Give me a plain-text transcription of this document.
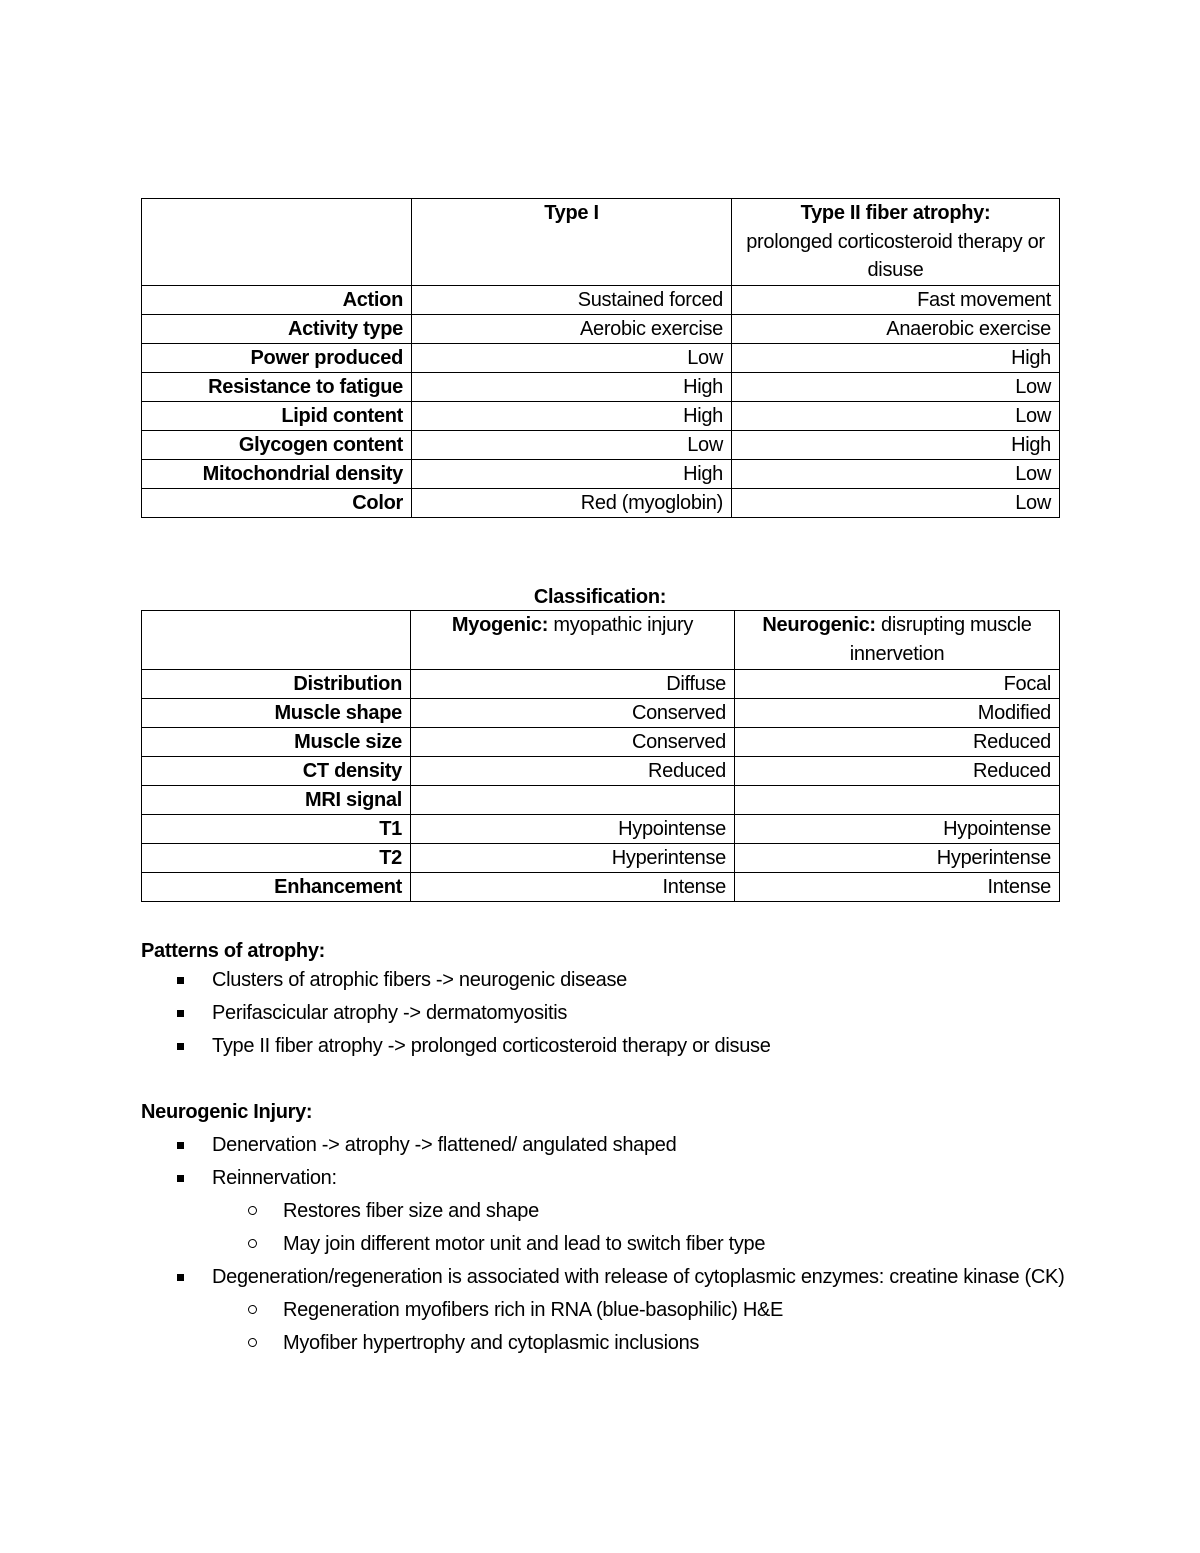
	Type I	Type II fiber atrophy:
prolonged corticosteroid therapy or disuse
Action	Sustained forced	Fast movement
Activity type	Aerobic exercise	Anaerobic exercise
Power produced	Low	High
Resistance to fatigue	High	Low
Lipid content	High	Low
Glycogen content	Low	High
Mitochondrial density	High	Low
Color	Red (myoglobin)	Low
Classification:
	Myogenic: myopathic injury	Neurogenic: disrupting muscle innervetion
Distribution	Diffuse	Focal
Muscle shape	Conserved	Modified
Muscle size	Conserved	Reduced
CT density	Reduced	Reduced
MRI signal		
T1	Hypointense	Hypointense
T2	Hyperintense	Hyperintense
Enhancement	Intense	Intense
Patterns of atrophy:
Clusters of atrophic fibers -> neurogenic disease
Perifascicular atrophy -> dermatomyositis
Type II fiber atrophy -> prolonged corticosteroid therapy or disuse
Neurogenic Injury:
Denervation -> atrophy -> flattened/ angulated shaped
Reinnervation:
Restores fiber size and shape
May join different motor unit and lead to switch fiber type
Degeneration/regeneration is associated with release of cytoplasmic enzymes: creatine kinase (CK)
Regeneration myofibers rich in RNA (blue-basophilic) H&E
Myofiber hypertrophy and cytoplasmic inclusions
